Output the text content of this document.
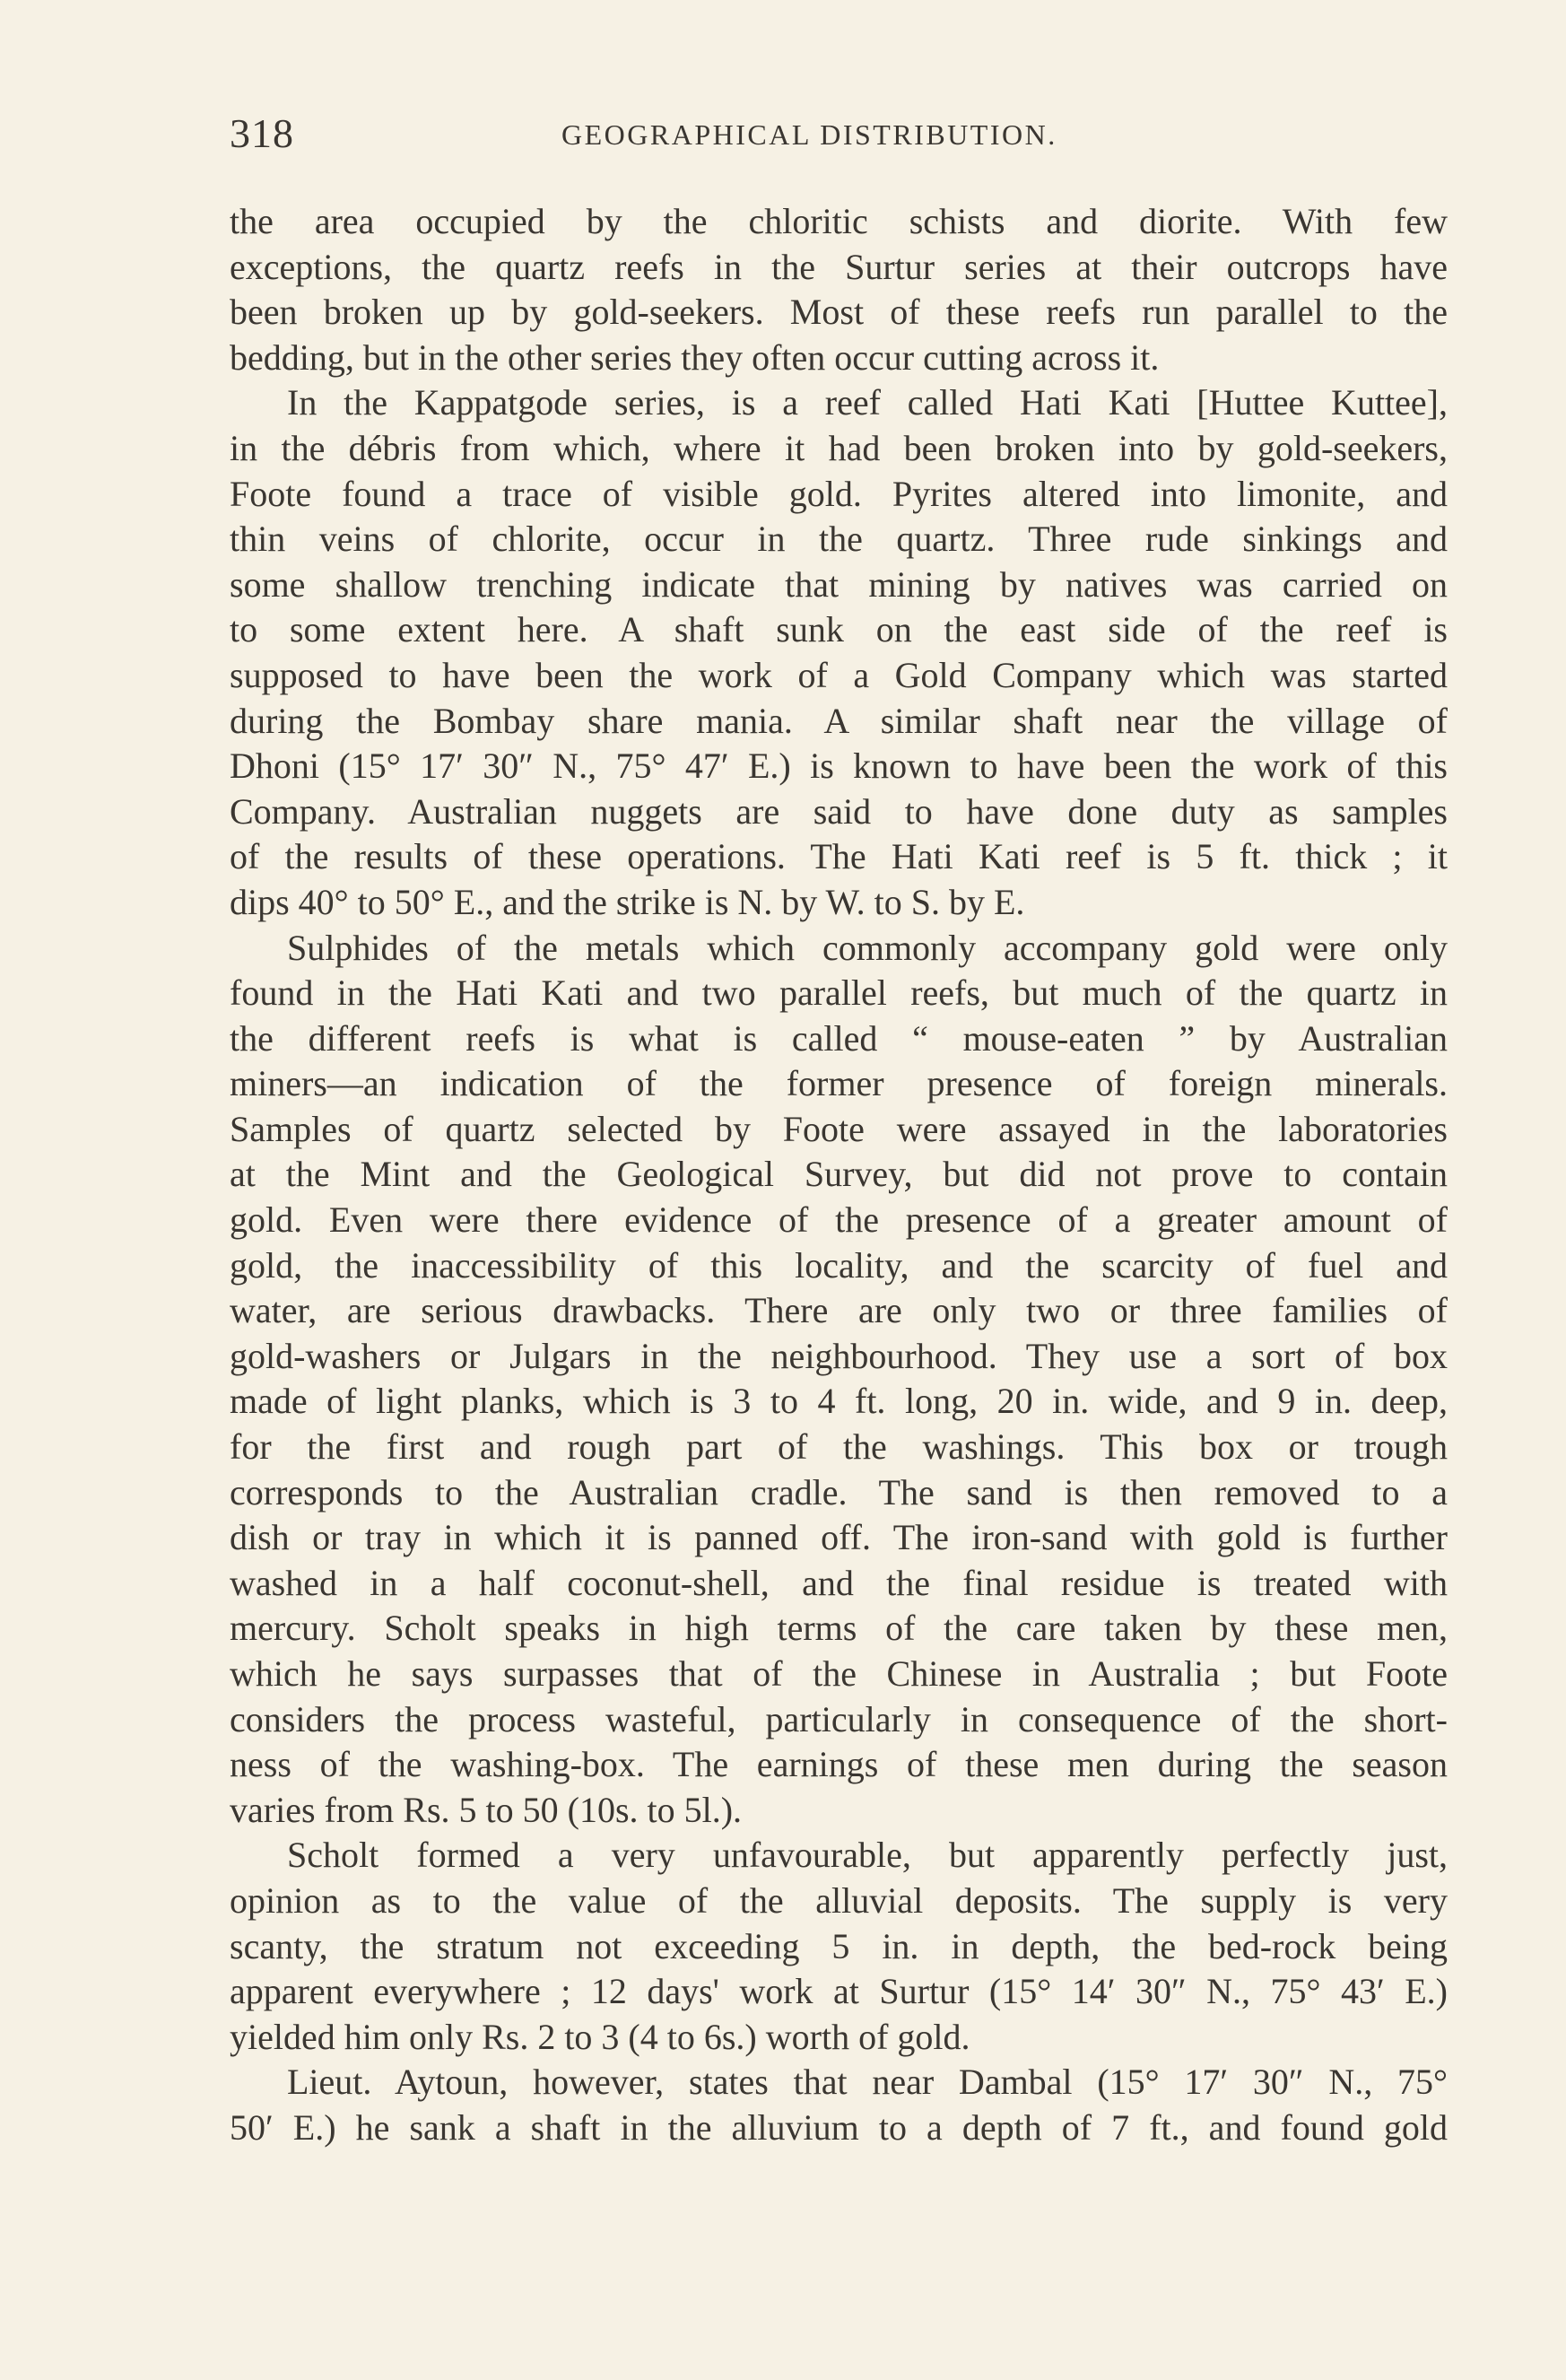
318	GEOGRAPHICAL DISTRIBUTION.
the area occupied by the chloritic schists and diorite. With few
exceptions, the quartz reefs in the Surtur series at their outcrops have
been broken up by gold-seekers. Most of these reefs run parallel to the
bedding, but in the other series they often occur cutting across it.
In the Kappatgode series, is a reef called Hati Kati [Huttee Kuttee],
in the débris from which, where it had been broken into by gold-seekers,
Foote found a trace of visible gold. Pyrites altered into limonite, and
thin veins of chlorite, occur in the quartz. Three rude sinkings and
some shallow trenching indicate that mining by natives was carried on
to some extent here. A shaft sunk on the east side of the reef is
supposed to have been the work of a Gold Company which was started
during the Bombay share mania. A similar shaft near the village of
Dhoni (15° 17′ 30″ N., 75° 47′ E.) is known to have been the work of this
Company. Australian nuggets are said to have done duty as samples
of the results of these operations. The Hati Kati reef is 5 ft. thick ; it
dips 40° to 50° E., and the strike is N. by W. to S. by E.
Sulphides of the metals which commonly accompany gold were only
found in the Hati Kati and two parallel reefs, but much of the quartz in
the different reefs is what is called “ mouse-eaten ” by Australian
miners—an indication of the former presence of foreign minerals.
Samples of quartz selected by Foote were assayed in the laboratories
at the Mint and the Geological Survey, but did not prove to contain
gold. Even were there evidence of the presence of a greater amount of
gold, the inaccessibility of this locality, and the scarcity of fuel and
water, are serious drawbacks. There are only two or three families of
gold-washers or Julgars in the neighbourhood. They use a sort of box
made of light planks, which is 3 to 4 ft. long, 20 in. wide, and 9 in. deep,
for the first and rough part of the washings. This box or trough
corresponds to the Australian cradle. The sand is then removed to a
dish or tray in which it is panned off. The iron-sand with gold is further
washed in a half coconut-shell, and the final residue is treated with
mercury. Scholt speaks in high terms of the care taken by these men,
which he says surpasses that of the Chinese in Australia ; but Foote
considers the process wasteful, particularly in consequence of the short-
ness of the washing-box. The earnings of these men during the season
varies from Rs. 5 to 50 (10s. to 5l.).
Scholt formed a very unfavourable, but apparently perfectly just,
opinion as to the value of the alluvial deposits. The supply is very
scanty, the stratum not exceeding 5 in. in depth, the bed-rock being
apparent everywhere ; 12 days' work at Surtur (15° 14′ 30″ N., 75° 43′ E.)
yielded him only Rs. 2 to 3 (4 to 6s.) worth of gold.
Lieut. Aytoun, however, states that near Dambal (15° 17′ 30″ N., 75°
50′ E.) he sank a shaft in the alluvium to a depth of 7 ft., and found gold
